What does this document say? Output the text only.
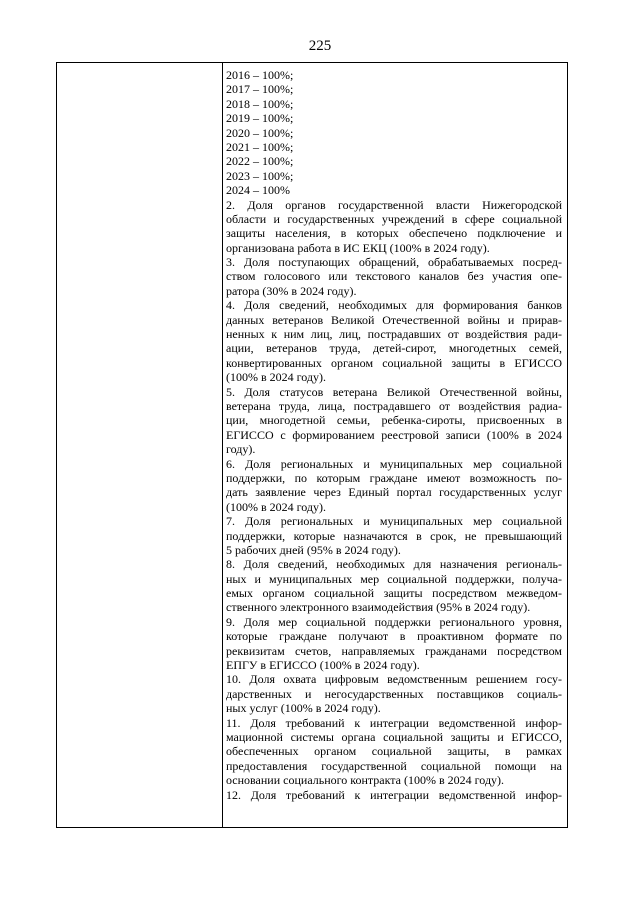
225
2016 – 100%;
2017 – 100%;
2018 – 100%;
2019 – 100%;
2020 – 100%;
2021 – 100%;
2022 – 100%;
2023 – 100%;
2024 – 100%
2. Доля органов государственной власти Нижегородской
области и государственных учреждений в сфере социальной
защиты населения, в которых обеспечено подключение и
организована работа в ИС ЕКЦ (100% в 2024 году).
3. Доля поступающих обращений, обрабатываемых посред-
ством голосового или текстового каналов без участия опе-
ратора (30% в 2024 году).
4. Доля сведений, необходимых для формирования банков
данных ветеранов Великой Отечественной войны и прирав-
ненных к ним лиц, лиц, пострадавших от воздействия ради-
ации, ветеранов труда, детей-сирот, многодетных семей,
конвертированных органом социальной защиты в ЕГИССО
(100% в 2024 году).
5. Доля статусов ветерана Великой Отечественной войны,
ветерана труда, лица, пострадавшего от воздействия радиа-
ции, многодетной семьи, ребенка-сироты, присвоенных в
ЕГИССО с формированием реестровой записи (100% в 2024
году).
6. Доля региональных и муниципальных мер социальной
поддержки, по которым граждане имеют возможность по-
дать заявление через Единый портал государственных услуг
(100% в 2024 году).
7. Доля региональных и муниципальных мер социальной
поддержки, которые назначаются в срок, не превышающий
5 рабочих дней (95% в 2024 году).
8. Доля сведений, необходимых для назначения региональ-
ных и муниципальных мер социальной поддержки, получа-
емых органом социальной защиты посредством межведом-
ственного электронного взаимодействия (95% в 2024 году).
9. Доля мер социальной поддержки регионального уровня,
которые граждане получают в проактивном формате по
реквизитам счетов, направляемых гражданами посредством
ЕПГУ в ЕГИССО (100% в 2024 году).
10. Доля охвата цифровым ведомственным решением госу-
дарственных и негосударственных поставщиков социаль-
ных услуг (100% в 2024 году).
11. Доля требований к интеграции ведомственной инфор-
мационной системы органа социальной защиты и ЕГИССО,
обеспеченных органом социальной защиты, в рамках
предоставления государственной социальной помощи на
основании социального контракта (100% в 2024 году).
12. Доля требований к интеграции ведомственной инфор-
